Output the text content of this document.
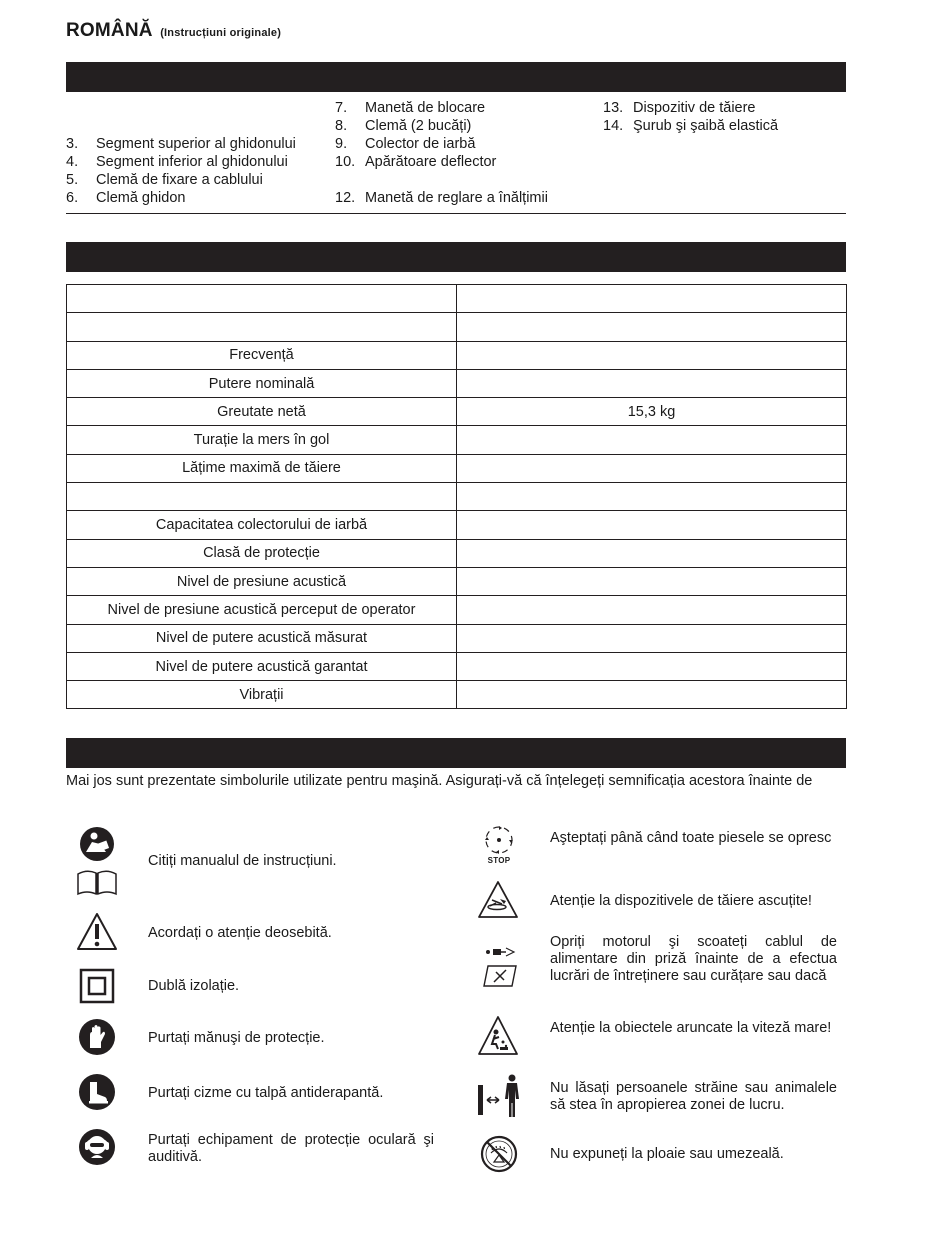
ROMÂNĂ (Instrucțiuni originale)
3. Segment superior al ghidonului
4. Segment inferior al ghidonului
5. Clemă de fixare a cablului
6. Clemă ghidon
7. Manetă de blocare
8. Clemă (2 bucăți)
9. Colector de iarbă
10. Apărătoare deflector
12. Manetă de reglare a înălțimii
13. Dispozitiv de tăiere
14. Şurub şi şaibă elastică

Frecvență	
Putere nominală	
Greutate netă	15,3 kg
Turație la mers în gol	
Lățime maximă de tăiere	

Capacitatea colectorului de iarbă	
Clasă de protecție	
Nivel de presiune acustică	
Nivel de presiune acustică perceput de operator	
Nivel de putere acustică măsurat	
Nivel de putere acustică garantat	
Vibrații	
Mai jos sunt prezentate simbolurile utilizate pentru maşină. Asigurați-vă că înțelegeți semnificația acestora înainte de
Citiți manualul de instrucțiuni.
Acordați o atenție deosebită.
Dublă izolație.
Purtați mănuşi de protecție.
Purtați cizme cu talpă antiderapantă.
Purtați echipament de protecție oculară şi auditivă.
STOP
Aşteptați până când toate piesele se opresc
Atenție la dispozitivele de tăiere ascuțite!
Opriți motorul şi scoateți cablul de alimentare din priză înainte de a efectua lucrări de întreținere sau curățare sau dacă
Atenție la obiectele aruncate la viteză mare!
Nu lăsați persoanele străine sau animalele să stea în apropierea zonei de lucru.
Nu expuneți la ploaie sau umezeală.
